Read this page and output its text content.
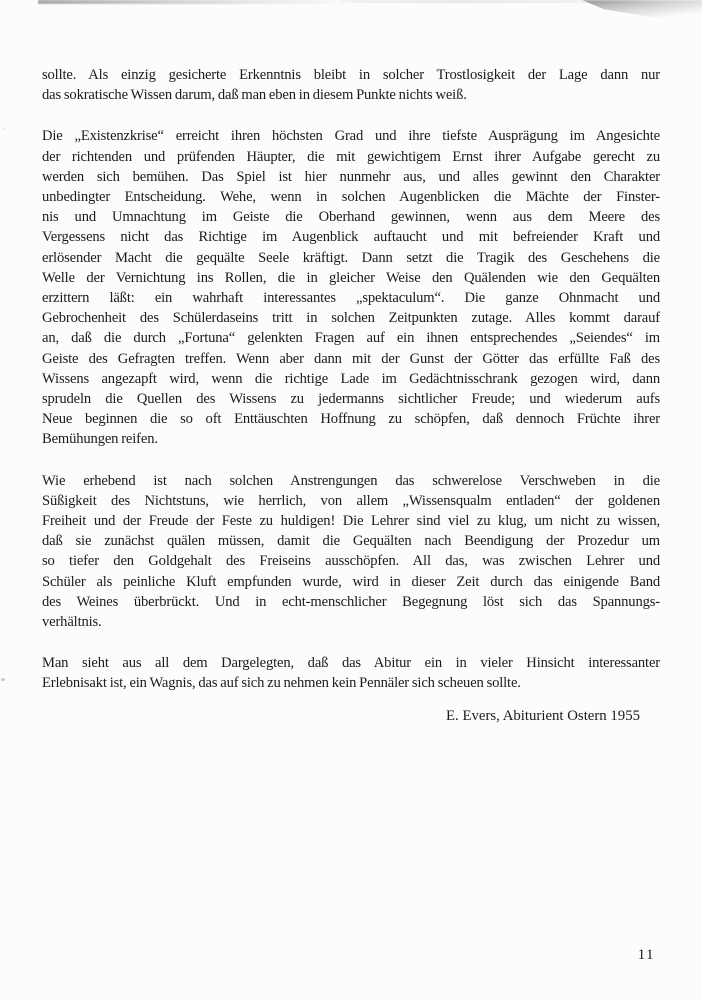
sollte. Als einzig gesicherte Erkenntnis bleibt in solcher Trostlosigkeit der Lage dann nur
das sokratische Wissen darum, daß man eben in diesem Punkte nichts weiß.
Die „Existenzkrise“ erreicht ihren höchsten Grad und ihre tiefste Ausprägung im Angesichte
der richtenden und prüfenden Häupter, die mit gewichtigem Ernst ihrer Aufgabe gerecht zu
werden sich bemühen. Das Spiel ist hier nunmehr aus, und alles gewinnt den Charakter
unbedingter Entscheidung. Wehe, wenn in solchen Augenblicken die Mächte der Finster-
nis und Umnachtung im Geiste die Oberhand gewinnen, wenn aus dem Meere des
Vergessens nicht das Richtige im Augenblick auftaucht und mit befreiender Kraft und
erlösender Macht die gequälte Seele kräftigt. Dann setzt die Tragik des Geschehens die
Welle der Vernichtung ins Rollen, die in gleicher Weise den Quälenden wie den Gequälten
erzittern läßt: ein wahrhaft interessantes „spektaculum“. Die ganze Ohnmacht und
Gebrochenheit des Schülerdaseins tritt in solchen Zeitpunkten zutage. Alles kommt darauf
an, daß die durch „Fortuna“ gelenkten Fragen auf ein ihnen entsprechendes „Seiendes“ im
Geiste des Gefragten treffen. Wenn aber dann mit der Gunst der Götter das erfüllte Faß des
Wissens angezapft wird, wenn die richtige Lade im Gedächtnisschrank gezogen wird, dann
sprudeln die Quellen des Wissens zu jedermanns sichtlicher Freude; und wiederum aufs
Neue beginnen die so oft Enttäuschten Hoffnung zu schöpfen, daß dennoch Früchte ihrer
Bemühungen reifen.
Wie erhebend ist nach solchen Anstrengungen das schwerelose Verschweben in die
Süßigkeit des Nichtstuns, wie herrlich, von allem „Wissensqualm entladen“ der goldenen
Freiheit und der Freude der Feste zu huldigen! Die Lehrer sind viel zu klug, um nicht zu wissen,
daß sie zunächst quälen müssen, damit die Gequälten nach Beendigung der Prozedur um
so tiefer den Goldgehalt des Freiseins ausschöpfen. All das, was zwischen Lehrer und
Schüler als peinliche Kluft empfunden wurde, wird in dieser Zeit durch das einigende Band
des Weines überbrückt. Und in echt-menschlicher Begegnung löst sich das Spannungs-
verhältnis.
Man sieht aus all dem Dargelegten, daß das Abitur ein in vieler Hinsicht interessanter
Erlebnisakt ist, ein Wagnis, das auf sich zu nehmen kein Pennäler sich scheuen sollte.
E. Evers, Abiturient Ostern 1955
11
